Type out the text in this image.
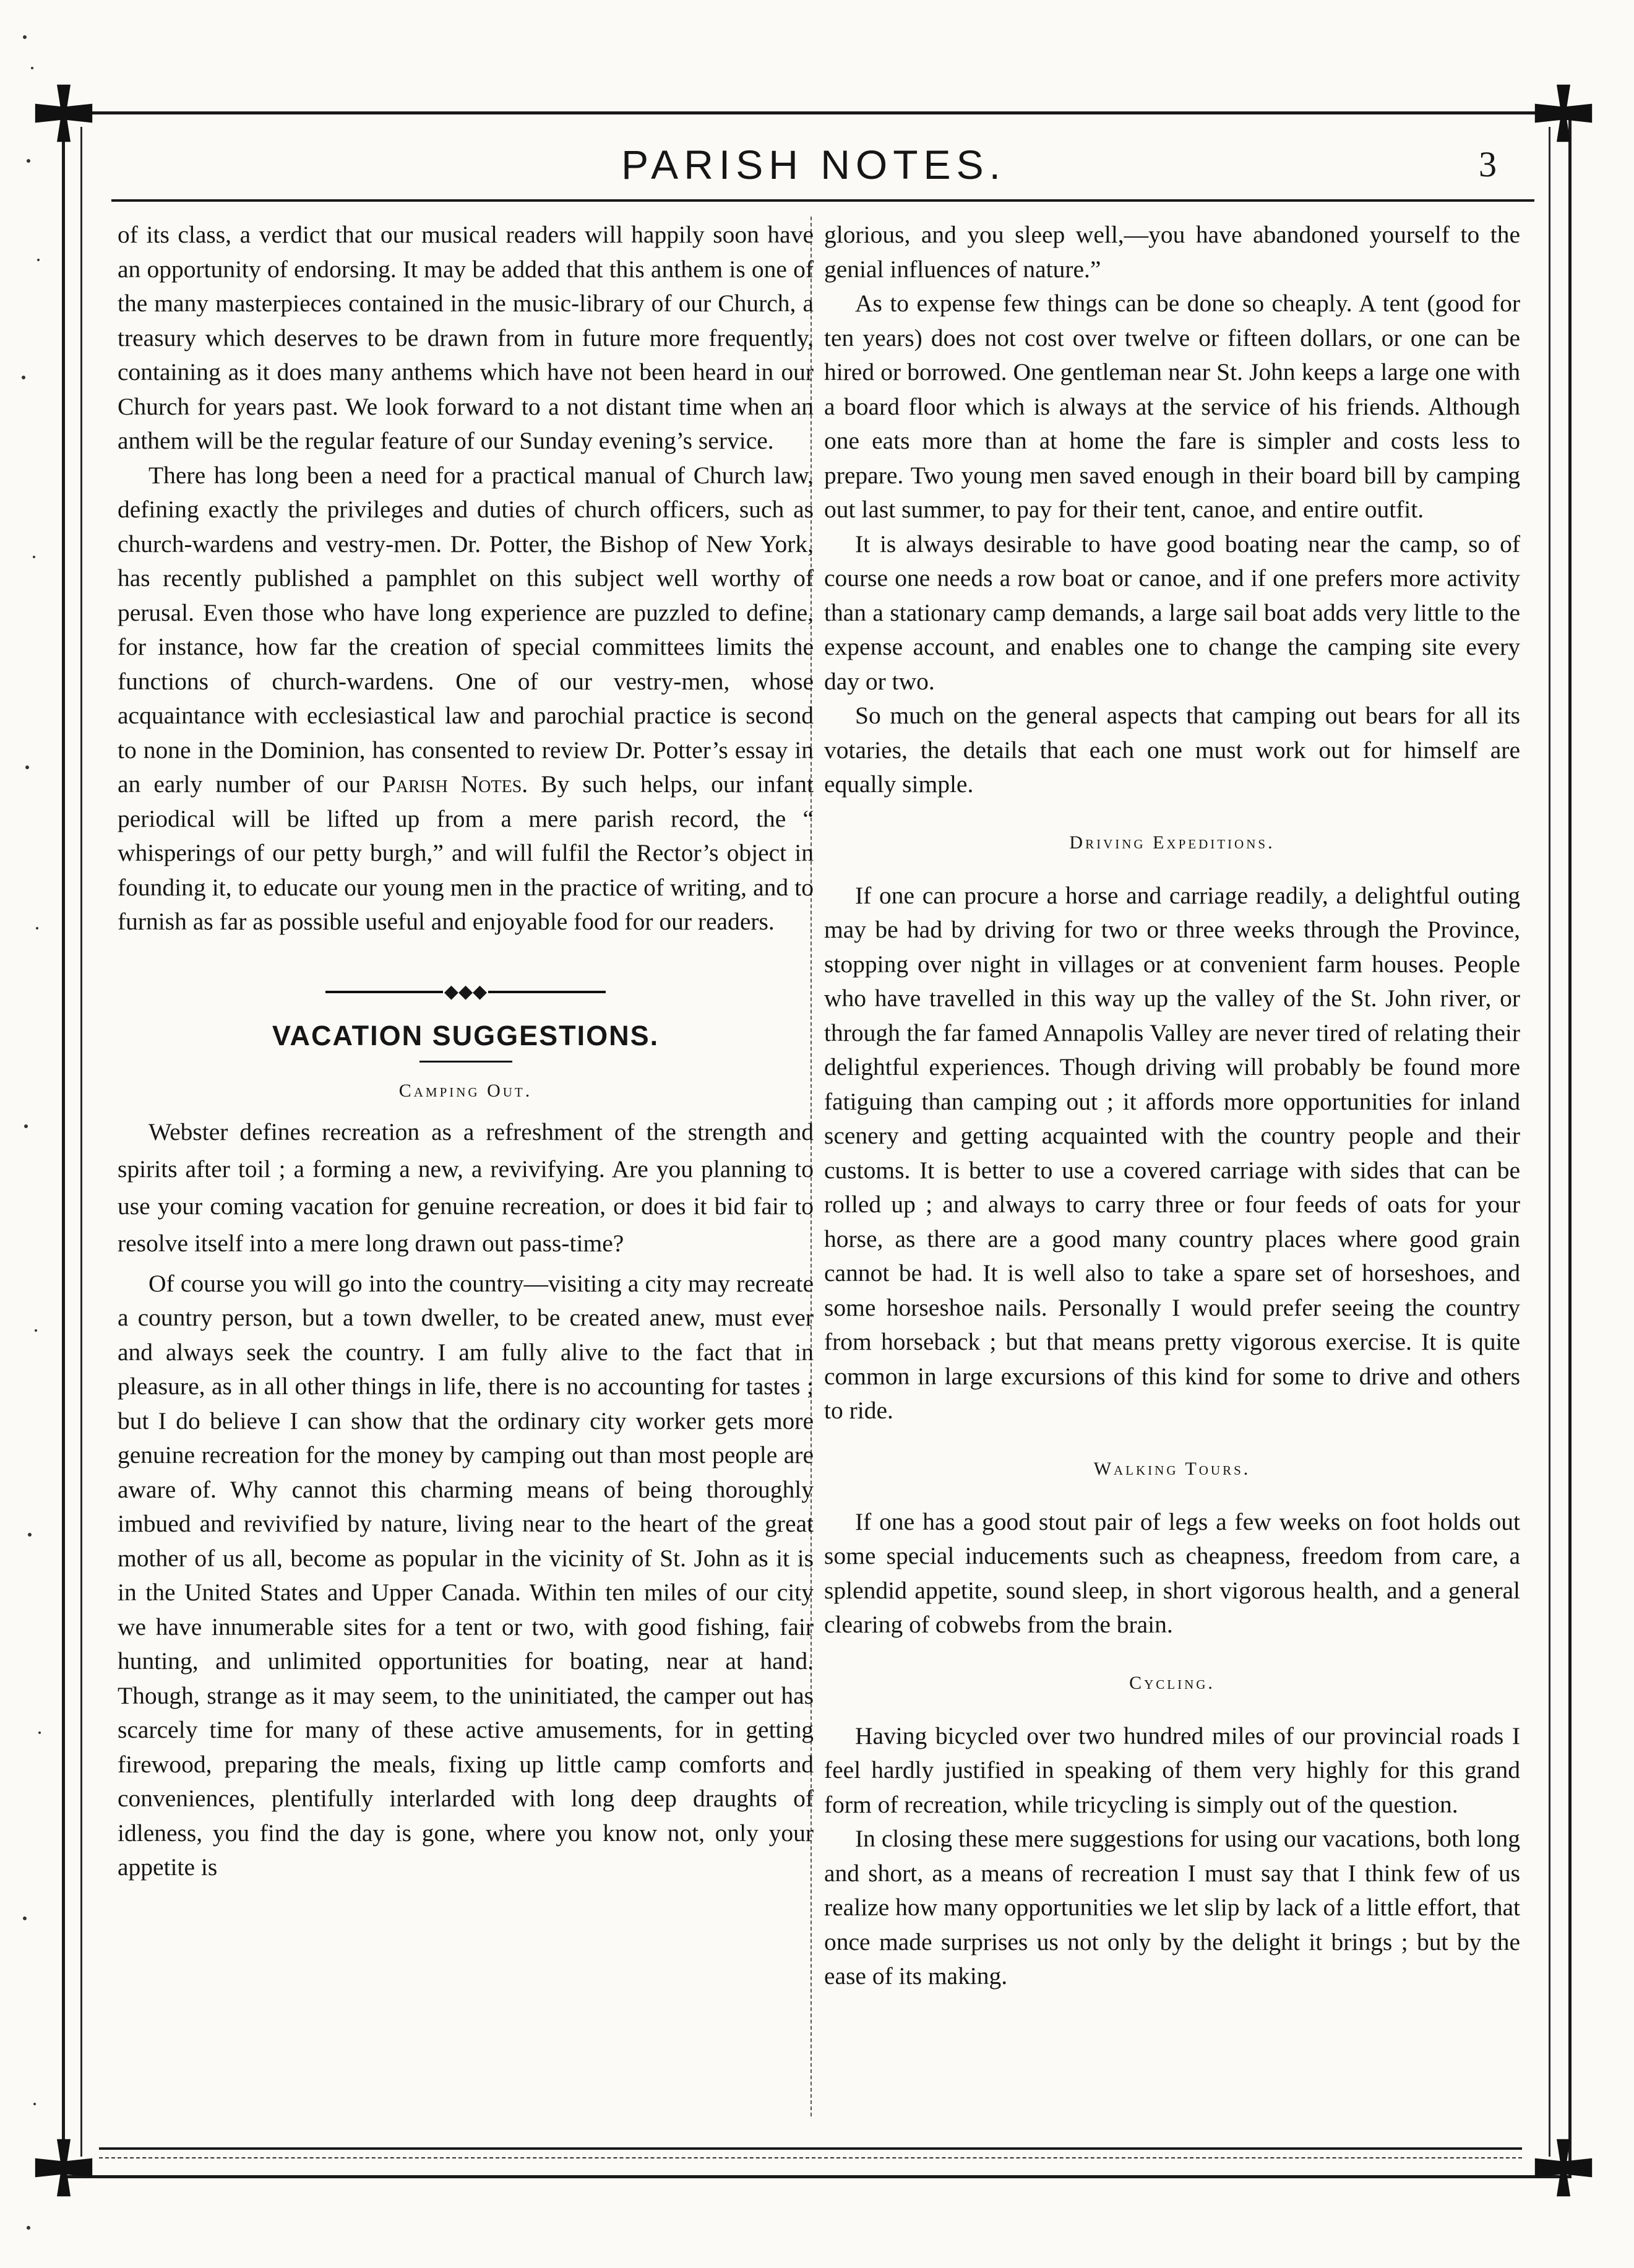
PARISH NOTES.	3

of its class, a verdict that our musical readers will happily soon have an opportunity of endorsing. It may be added that this anthem is one of the many masterpieces contained in the music-library of our Church, a treasury which deserves to be drawn from in future more frequently, containing as it does many anthems which have not been heard in our Church for years past. We look forward to a not distant time when an anthem will be the regular feature of our Sunday evening’s service.

There has long been a need for a practical manual of Church law, defining exactly the privileges and duties of church officers, such as church-wardens and vestry-men. Dr. Potter, the Bishop of New York, has recently published a pamphlet on this subject well worthy of perusal. Even those who have long experience are puzzled to define, for instance, how far the creation of special committees limits the functions of church-wardens. One of our vestry-men, whose acquaintance with ecclesiastical law and parochial practice is second to none in the Dominion, has consented to review Dr. Potter’s essay in an early number of our Parish Notes. By such helps, our infant periodical will be lifted up from a mere parish record, the “ whisperings of our petty burgh,” and will fulfil the Rector’s object in founding it, to educate our young men in the practice of writing, and to furnish as far as possible useful and enjoyable food for our readers.

◆◆◆
VACATION SUGGESTIONS.
Camping Out.

Webster defines recreation as a refreshment of the strength and spirits after toil ; a forming a new, a revivifying. Are you planning to use your coming vacation for genuine recreation, or does it bid fair to resolve itself into a mere long drawn out pass-time?

Of course you will go into the country—visiting a city may recreate a country person, but a town dweller, to be created anew, must ever and always seek the country. I am fully alive to the fact that in pleasure, as in all other things in life, there is no accounting for tastes ; but I do believe I can show that the ordinary city worker gets more genuine recreation for the money by camping out than most people are aware of. Why cannot this charming means of being thoroughly imbued and revivified by nature, living near to the heart of the great mother of us all, become as popular in the vicinity of St. John as it is in the United States and Upper Canada. Within ten miles of our city we have innumerable sites for a tent or two, with good fishing, fair hunting, and unlimited opportunities for boating, near at hand. Though, strange as it may seem, to the uninitiated, the camper out has scarcely time for many of these active amusements, for in getting firewood, preparing the meals, fixing up little camp comforts and conveniences, plentifully interlarded with long deep draughts of idleness, you find the day is gone, where you know not, only your appetite is

glorious, and you sleep well,—you have abandoned yourself to the genial influences of nature.”

As to expense few things can be done so cheaply. A tent (good for ten years) does not cost over twelve or fifteen dollars, or one can be hired or borrowed. One gentleman near St. John keeps a large one with a board floor which is always at the service of his friends. Although one eats more than at home the fare is simpler and costs less to prepare. Two young men saved enough in their board bill by camping out last summer, to pay for their tent, canoe, and entire outfit.

It is always desirable to have good boating near the camp, so of course one needs a row boat or canoe, and if one prefers more activity than a stationary camp demands, a large sail boat adds very little to the expense account, and enables one to change the camping site every day or two.

So much on the general aspects that camping out bears for all its votaries, the details that each one must work out for himself are equally simple.

Driving Expeditions.

If one can procure a horse and carriage readily, a delightful outing may be had by driving for two or three weeks through the Province, stopping over night in villages or at convenient farm houses. People who have travelled in this way up the valley of the St. John river, or through the far famed Annapolis Valley are never tired of relating their delightful experiences. Though driving will probably be found more fatiguing than camping out ; it affords more opportunities for inland scenery and getting acquainted with the country people and their customs. It is better to use a covered carriage with sides that can be rolled up ; and always to carry three or four feeds of oats for your horse, as there are a good many country places where good grain cannot be had. It is well also to take a spare set of horseshoes, and some horseshoe nails. Personally I would prefer seeing the country from horseback ; but that means pretty vigorous exercise. It is quite common in large excursions of this kind for some to drive and others to ride.

Walking Tours.

If one has a good stout pair of legs a few weeks on foot holds out some special inducements such as cheapness, freedom from care, a splendid appetite, sound sleep, in short vigorous health, and a general clearing of cobwebs from the brain.

Cycling.

Having bicycled over two hundred miles of our provincial roads I feel hardly justified in speaking of them very highly for this grand form of recreation, while tricycling is simply out of the question.

In closing these mere suggestions for using our vacations, both long and short, as a means of recreation I must say that I think few of us realize how many opportunities we let slip by lack of a little effort, that once made surprises us not only by the delight it brings ; but by the ease of its making.
